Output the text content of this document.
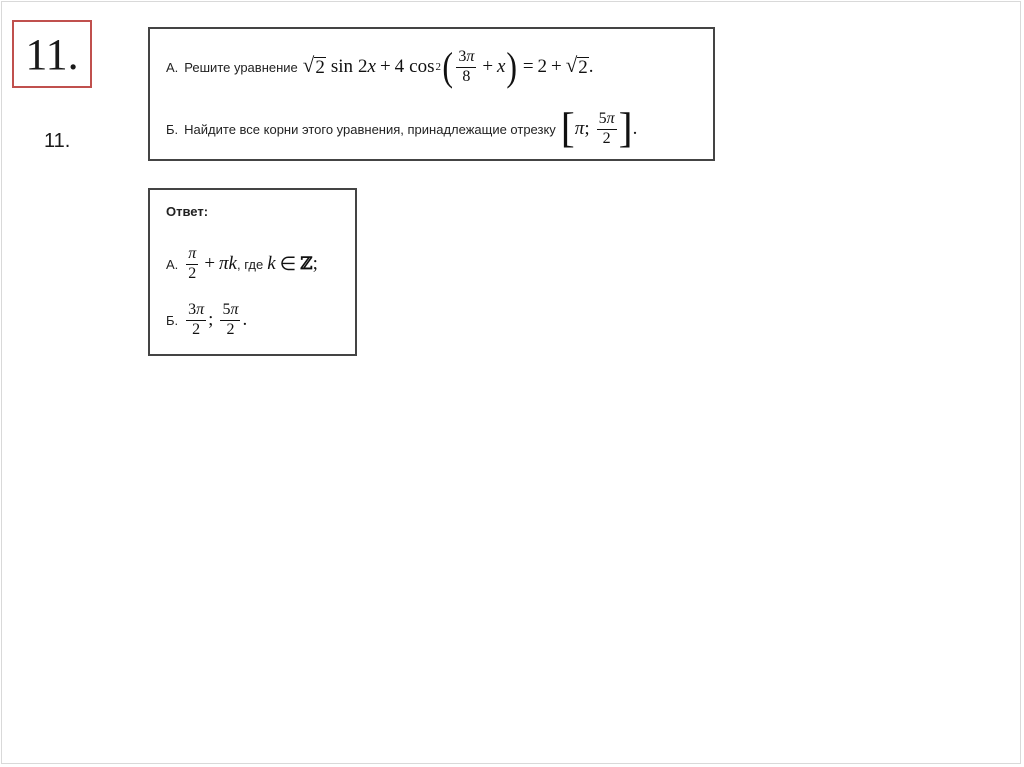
11.
11.
А. Решите уравнение √ 2 sin 2 x + 4 cos 2 ( $\frac{3\pi}{8} + x$ ) = 2 + √ 2 .
Б. Найдите все корни этого уравнения, принадлежащие отрезку [ π ; $\frac{5\pi}{2}$ ] .
Ответ:
А. $\frac{\pi}{2} + \pi k$ , где k ∈ ℤ ;
Б. $\frac{3\pi}{2}$ ; $\frac{5\pi}{2}$ .
